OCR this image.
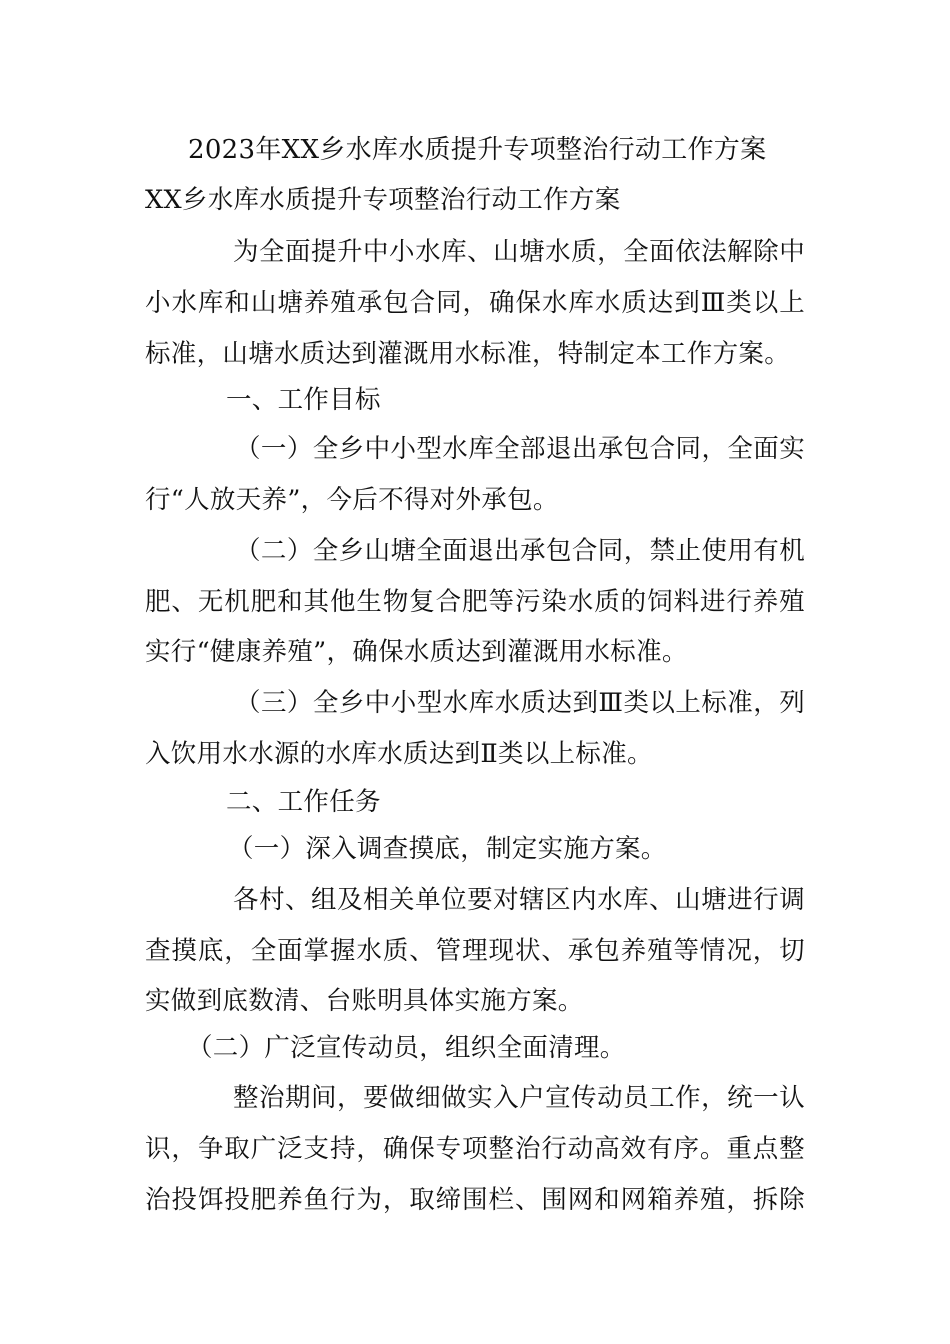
2023年XX乡水库水质提升专项整治行动工作方案
XX乡水库水质提升专项整治行动工作方案
为全面提升中小水库、山塘水质，全面依法解除中
小水库和山塘养殖承包合同，确保水库水质达到Ⅲ类以上
标准，山塘水质达到灌溉用水标准，特制定本工作方案。
一、工作目标
（一）全乡中小型水库全部退出承包合同，全面实
行“人放天养”，今后不得对外承包。
（二）全乡山塘全面退出承包合同，禁止使用有机
肥、无机肥和其他生物复合肥等污染水质的饲料进行养殖
实行“健康养殖”，确保水质达到灌溉用水标准。
（三）全乡中小型水库水质达到Ⅲ类以上标准，列
入饮用水水源的水库水质达到Ⅱ类以上标准。
二、工作任务
（一）深入调查摸底，制定实施方案。
各村、组及相关单位要对辖区内水库、山塘进行调
查摸底，全面掌握水质、管理现状、承包养殖等情况，切
实做到底数清、台账明具体实施方案。
（二）广泛宣传动员，组织全面清理。
整治期间，要做细做实入户宣传动员工作，统一认
识，争取广泛支持，确保专项整治行动高效有序。重点整
治投饵投肥养鱼行为，取缔围栏、围网和网箱养殖，拆除
